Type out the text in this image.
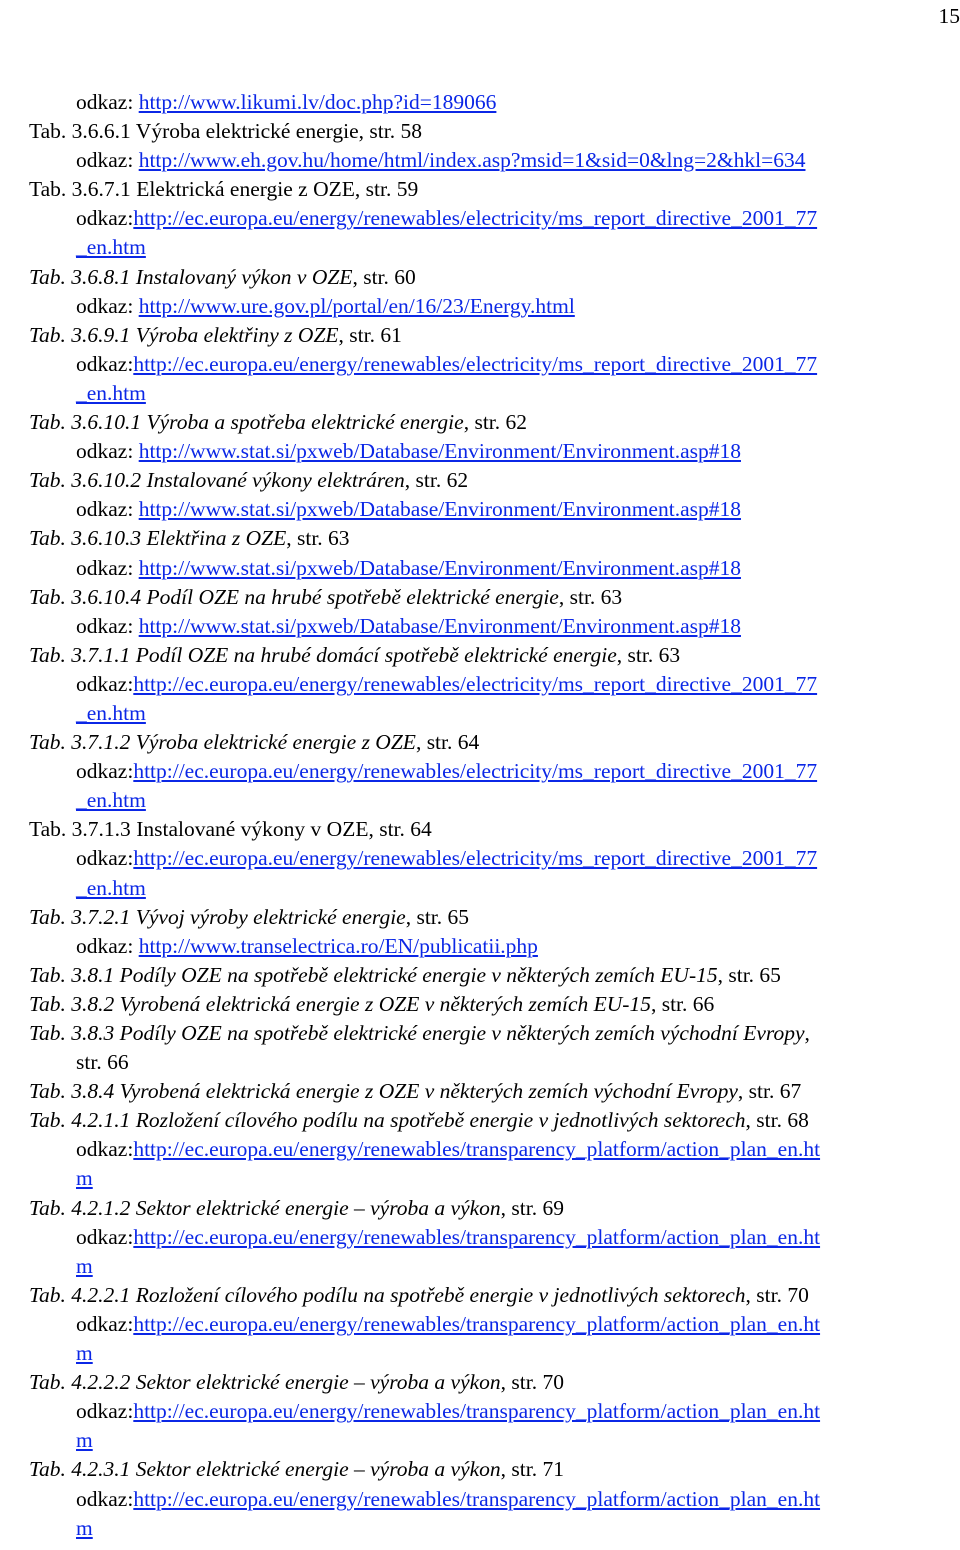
15
odkaz: http://www.likumi.lv/doc.php?id=189066
Tab. 3.6.6.1 Výroba elektrické energie, str. 58
odkaz: http://www.eh.gov.hu/home/html/index.asp?msid=1&sid=0&lng=2&hkl=634
Tab. 3.6.7.1 Elektrická energie z OZE, str. 59
odkaz:http://ec.europa.eu/energy/renewables/electricity/ms_report_directive_2001_77
_en.htm
Tab. 3.6.8.1 Instalovaný výkon v OZE, str. 60
odkaz: http://www.ure.gov.pl/portal/en/16/23/Energy.html
Tab. 3.6.9.1 Výroba elektřiny z OZE, str. 61
odkaz:http://ec.europa.eu/energy/renewables/electricity/ms_report_directive_2001_77
_en.htm
Tab. 3.6.10.1 Výroba a spotřeba elektrické energie, str. 62
odkaz: http://www.stat.si/pxweb/Database/Environment/Environment.asp#18
Tab. 3.6.10.2 Instalované výkony elektráren, str. 62
odkaz: http://www.stat.si/pxweb/Database/Environment/Environment.asp#18
Tab. 3.6.10.3 Elektřina z OZE, str. 63
odkaz: http://www.stat.si/pxweb/Database/Environment/Environment.asp#18
Tab. 3.6.10.4 Podíl OZE na hrubé spotřebě elektrické energie, str. 63
odkaz: http://www.stat.si/pxweb/Database/Environment/Environment.asp#18
Tab. 3.7.1.1 Podíl OZE na hrubé domácí spotřebě elektrické energie, str. 63
odkaz:http://ec.europa.eu/energy/renewables/electricity/ms_report_directive_2001_77
_en.htm
Tab. 3.7.1.2 Výroba elektrické energie z OZE, str. 64
odkaz:http://ec.europa.eu/energy/renewables/electricity/ms_report_directive_2001_77
_en.htm
Tab. 3.7.1.3 Instalované výkony v OZE, str. 64
odkaz:http://ec.europa.eu/energy/renewables/electricity/ms_report_directive_2001_77
_en.htm
Tab. 3.7.2.1 Vývoj výroby elektrické energie, str. 65
odkaz: http://www.transelectrica.ro/EN/publicatii.php
Tab. 3.8.1 Podíly OZE na spotřebě elektrické energie v některých zemích EU-15, str. 65
Tab. 3.8.2 Vyrobená elektrická energie z OZE v některých zemích EU-15, str. 66
Tab. 3.8.3 Podíly OZE na spotřebě elektrické energie v některých zemích východní Evropy,
str. 66
Tab. 3.8.4 Vyrobená elektrická energie z OZE v některých zemích východní Evropy, str. 67
Tab. 4.2.1.1 Rozložení cílového podílu na spotřebě energie v jednotlivých sektorech, str. 68
odkaz:http://ec.europa.eu/energy/renewables/transparency_platform/action_plan_en.ht
m
Tab. 4.2.1.2 Sektor elektrické energie – výroba a výkon, str. 69
odkaz:http://ec.europa.eu/energy/renewables/transparency_platform/action_plan_en.ht
m
Tab. 4.2.2.1 Rozložení cílového podílu na spotřebě energie v jednotlivých sektorech, str. 70
odkaz:http://ec.europa.eu/energy/renewables/transparency_platform/action_plan_en.ht
m
Tab. 4.2.2.2 Sektor elektrické energie – výroba a výkon, str. 70
odkaz:http://ec.europa.eu/energy/renewables/transparency_platform/action_plan_en.ht
m
Tab. 4.2.3.1 Sektor elektrické energie – výroba a výkon, str. 71
odkaz:http://ec.europa.eu/energy/renewables/transparency_platform/action_plan_en.ht
m
